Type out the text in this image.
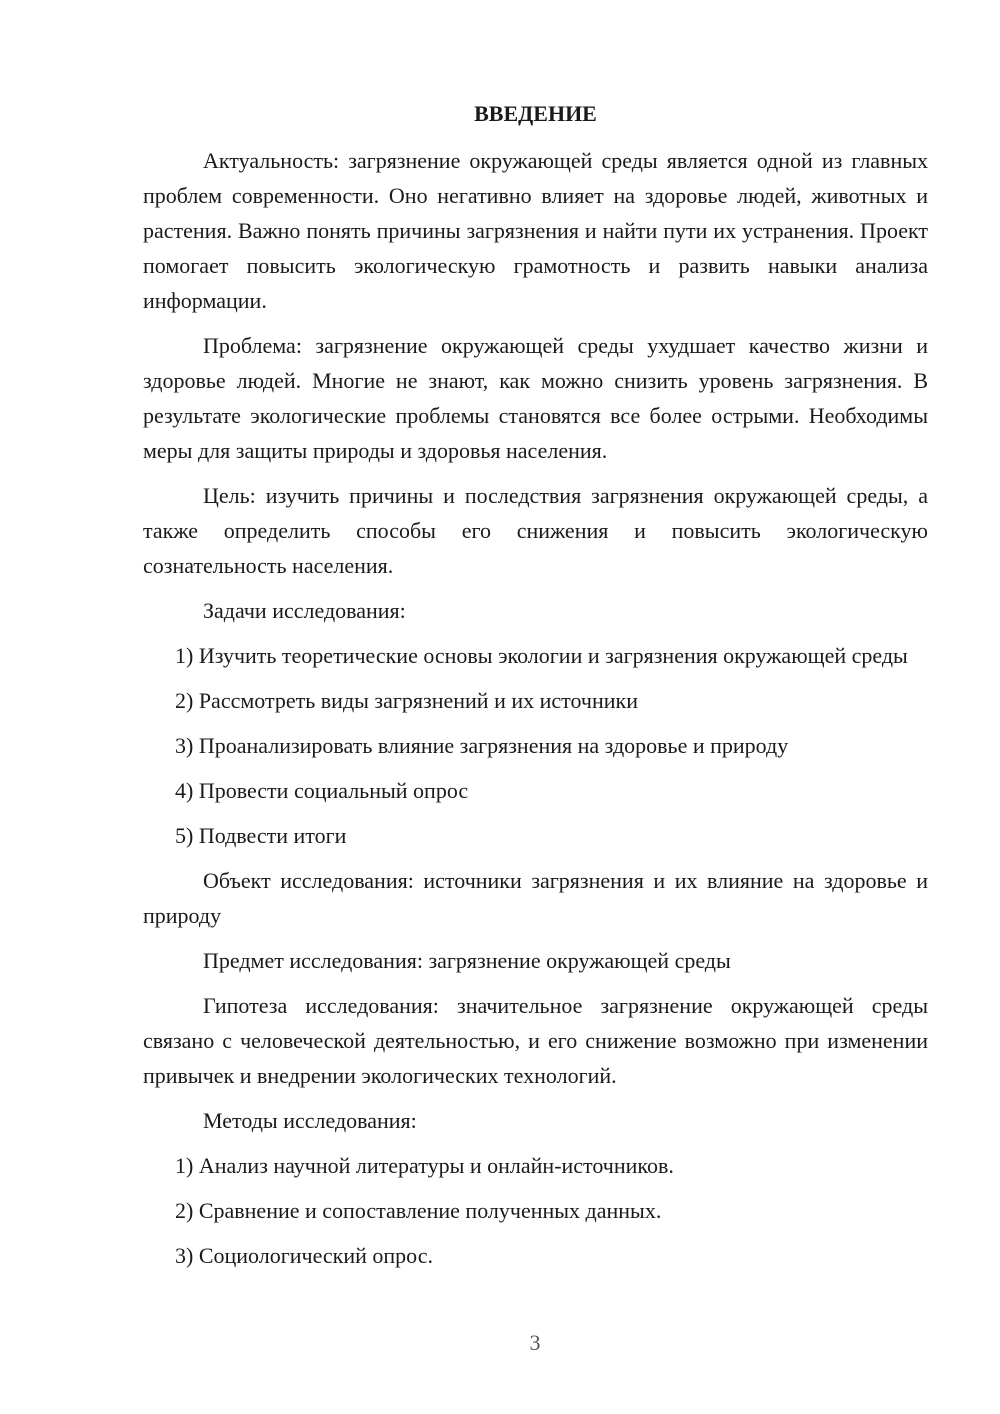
ВВЕДЕНИЕ
Актуальность: загрязнение окружающей среды является одной из главных проблем современности. Оно негативно влияет на здоровье людей, животных и растения. Важно понять причины загрязнения и найти пути их устранения. Проект помогает повысить экологическую грамотность и развить навыки анализа информации.
Проблема: загрязнение окружающей среды ухудшает качество жизни и здоровье людей. Многие не знают, как можно снизить уровень загрязнения. В результате экологические проблемы становятся все более острыми. Необходимы меры для защиты природы и здоровья населения.
Цель: изучить причины и последствия загрязнения окружающей среды, а также определить способы его снижения и повысить экологическую сознательность населения.
Задачи исследования:
1) Изучить теоретические основы экологии и загрязнения окружающей среды
2) Рассмотреть виды загрязнений и их источники
3) Проанализировать влияние загрязнения на здоровье и природу
4) Провести социальный опрос
5) Подвести итоги
Объект исследования: источники загрязнения и их влияние на здоровье и природу
Предмет исследования: загрязнение окружающей среды
Гипотеза исследования: значительное загрязнение окружающей среды связано с человеческой деятельностью, и его снижение возможно при изменении привычек и внедрении экологических технологий.
Методы исследования:
1) Анализ научной литературы и онлайн-источников.
2) Сравнение и сопоставление полученных данных.
3) Социологический опрос.
3
